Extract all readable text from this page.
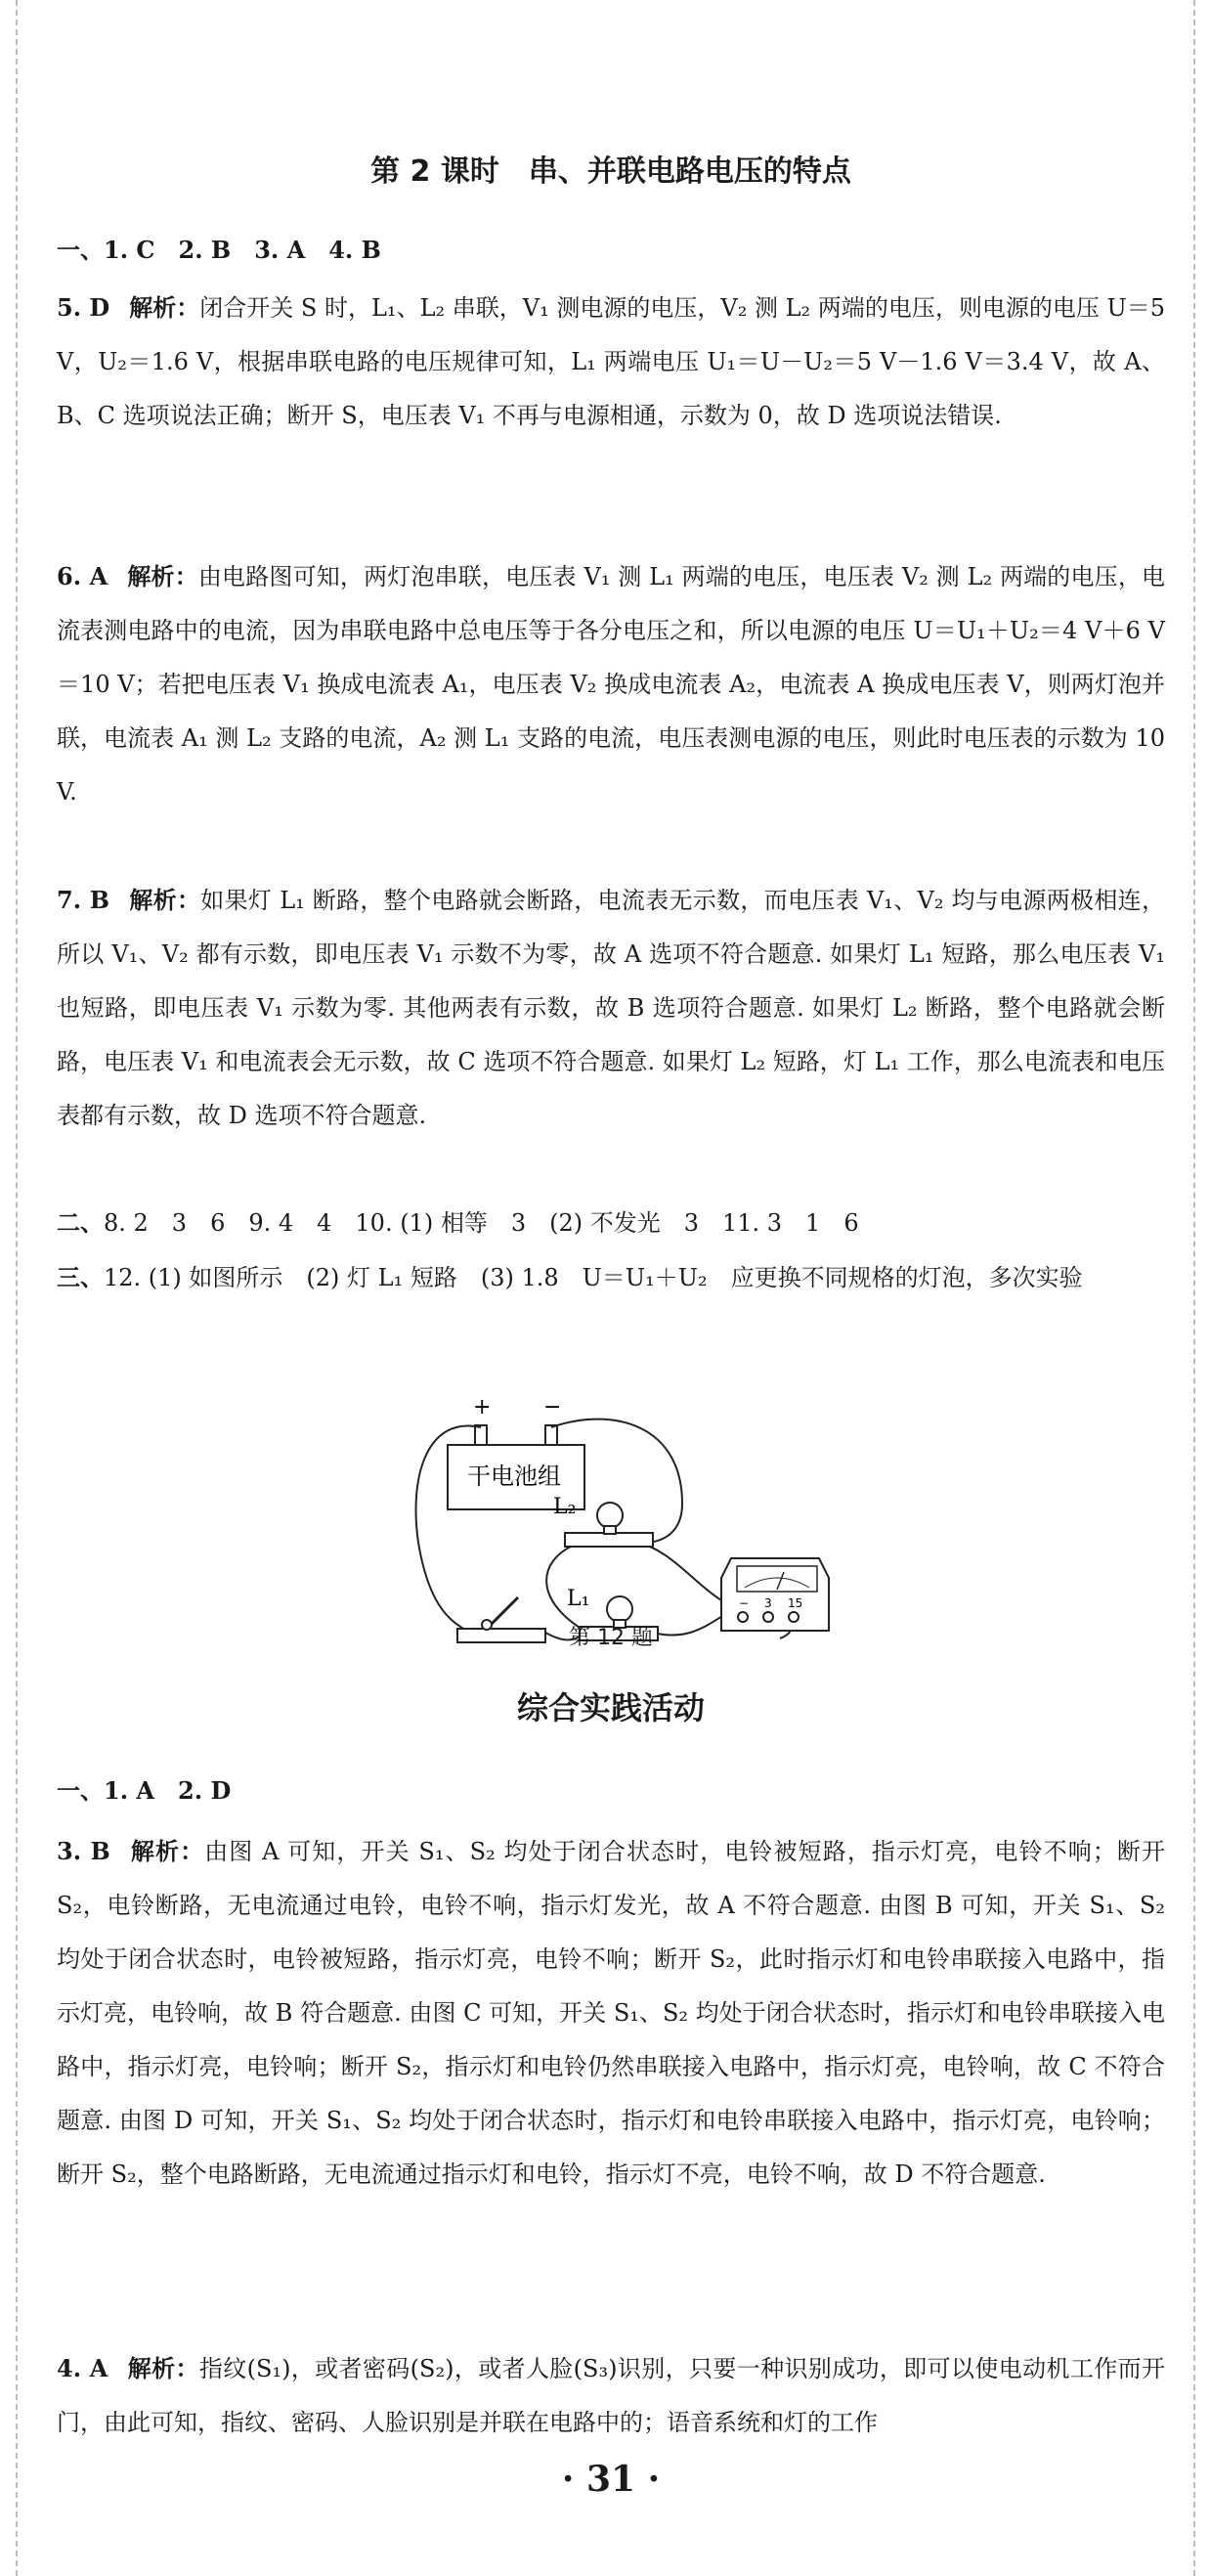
第 2 课时　串、并联电路电压的特点
一、1. C　2. B　3. A　4. B
5. D 解析：闭合开关 S 时，L₁、L₂ 串联，V₁ 测电源的电压，V₂ 测 L₂ 两端的电压，则电源的电压 U＝5 V，U₂＝1.6 V，根据串联电路的电压规律可知，L₁ 两端电压 U₁＝U－U₂＝5 V－1.6 V＝3.4 V，故 A、B、C 选项说法正确；断开 S，电压表 V₁ 不再与电源相通，示数为 0，故 D 选项说法错误.
6. A 解析：由电路图可知，两灯泡串联，电压表 V₁ 测 L₁ 两端的电压，电压表 V₂ 测 L₂ 两端的电压，电流表测电路中的电流，因为串联电路中总电压等于各分电压之和，所以电源的电压 U＝U₁＋U₂＝4 V＋6 V＝10 V；若把电压表 V₁ 换成电流表 A₁，电压表 V₂ 换成电流表 A₂，电流表 A 换成电压表 V，则两灯泡并联，电流表 A₁ 测 L₂ 支路的电流，A₂ 测 L₁ 支路的电流，电压表测电源的电压，则此时电压表的示数为 10 V.
7. B 解析：如果灯 L₁ 断路，整个电路就会断路，电流表无示数，而电压表 V₁、V₂ 均与电源两极相连，所以 V₁、V₂ 都有示数，即电压表 V₁ 示数不为零，故 A 选项不符合题意. 如果灯 L₁ 短路，那么电压表 V₁ 也短路，即电压表 V₁ 示数为零. 其他两表有示数，故 B 选项符合题意. 如果灯 L₂ 断路，整个电路就会断路，电压表 V₁ 和电流表会无示数，故 C 选项不符合题意. 如果灯 L₂ 短路，灯 L₁ 工作，那么电流表和电压表都有示数，故 D 选项不符合题意.
二、8. 2　3　6　9. 4　4　10. (1) 相等　3　(2) 不发光　3　11. 3　1　6
三、12. (1) 如图所示　(2) 灯 L₁ 短路　(3) 1.8　U＝U₁＋U₂　应更换不同规格的灯泡，多次实验
+ −
干电池组
L₂
L₁	− 3 15
第 12 题
综合实践活动
一、1. A　2. D
3. B 解析：由图 A 可知，开关 S₁、S₂ 均处于闭合状态时，电铃被短路，指示灯亮，电铃不响；断开 S₂，电铃断路，无电流通过电铃，电铃不响，指示灯发光，故 A 不符合题意. 由图 B 可知，开关 S₁、S₂ 均处于闭合状态时，电铃被短路，指示灯亮，电铃不响；断开 S₂，此时指示灯和电铃串联接入电路中，指示灯亮，电铃响，故 B 符合题意. 由图 C 可知，开关 S₁、S₂ 均处于闭合状态时，指示灯和电铃串联接入电路中，指示灯亮，电铃响；断开 S₂，指示灯和电铃仍然串联接入电路中，指示灯亮，电铃响，故 C 不符合题意. 由图 D 可知，开关 S₁、S₂ 均处于闭合状态时，指示灯和电铃串联接入电路中，指示灯亮，电铃响；断开 S₂，整个电路断路，无电流通过指示灯和电铃，指示灯不亮，电铃不响，故 D 不符合题意.
4. A 解析：指纹(S₁)，或者密码(S₂)，或者人脸(S₃)识别，只要一种识别成功，即可以使电动机工作而开门，由此可知，指纹、密码、人脸识别是并联在电路中的；语音系统和灯的工作
· 31 ·
